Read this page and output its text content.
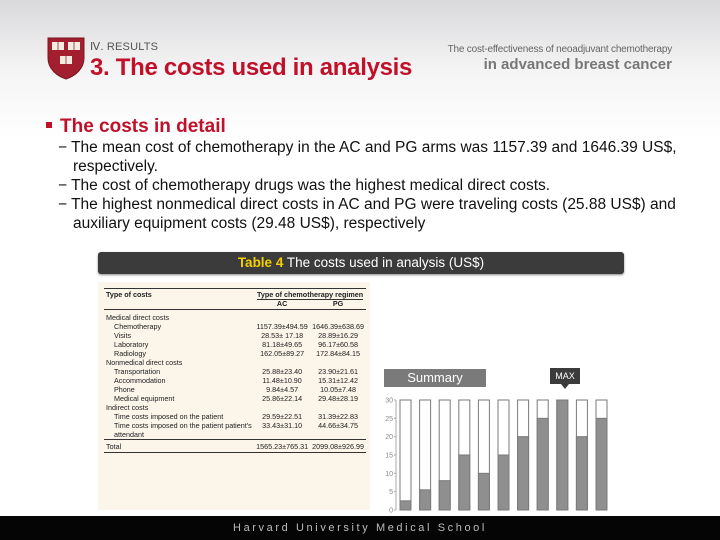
Ⅳ. RESULTS
3. The costs used in analysis
The cost-effectiveness of neoadjuvant chemotherapy
in advanced breast cancer
The costs in detail
− The mean cost of chemotherapy in the AC and PG arms was 1157.39 and 1646.39 US$, respectively.
− The cost of chemotherapy drugs was the highest medical direct costs.
− The highest nonmedical direct costs in AC and PG were traveling costs (25.88 US$) and auxiliary equipment costs (29.48 US$), respectively
Table 4 The costs used in analysis (US$)
Type of costs	Type of chemotherapy regimen	
	AC	PG

Medical direct costs		
Chemotherapy	1157.39±494.59	1646.39±638.69
Visits	28.53± 17.18	28.89±16.29
Laboratory	81.18±49.65	96.17±60.58
Radiology	162.05±89.27	172.84±84.15
Nonmedical direct costs		
Transportation	25.88±23.40	23.90±21.61
Accommodation	11.48±10.90	15.31±12.42
Phone	9.84±4.57	10.05±7.48
Medical equipment	25.86±22.14	29.48±28.19
Indirect costs		
Time costs imposed on the patient	29.59±22.51	31.39±22.83
Time costs imposed on the patient patient's attendant	33.43±31.10	44.66±34.75
Total	1565.23±765.31	2099.08±926.99
Summary	MAX
0
5
10
15
20
25
30
Harvard University Medical School
